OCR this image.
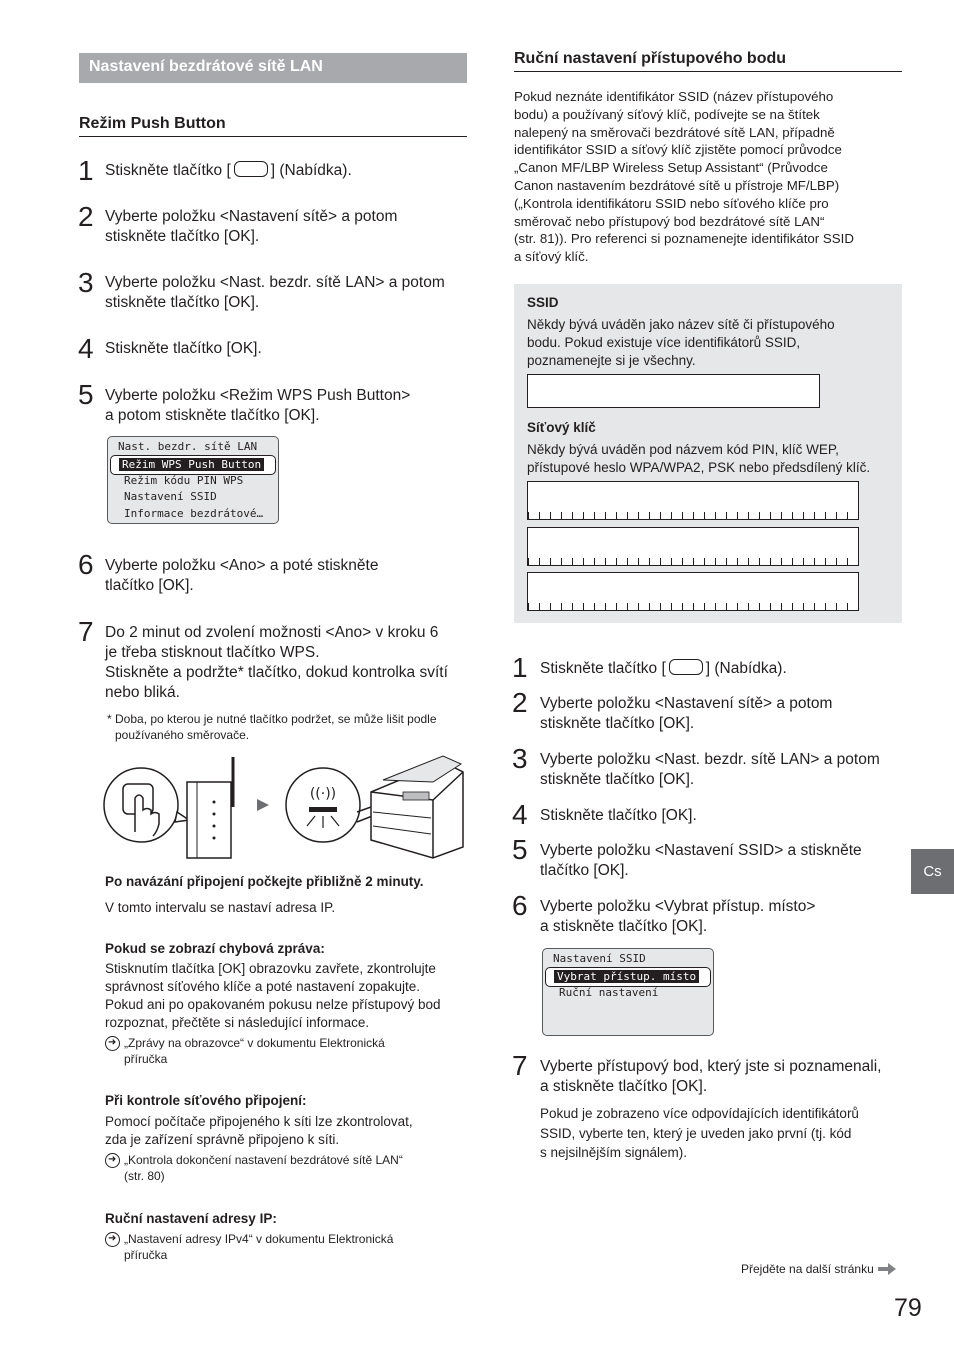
Nastavení bezdrátové sítě LAN
Režim Push Button
1 Stiskněte tlačítko [	] (Nabídka).
2 Vyberte položku <Nastavení sítě> a potom
stiskněte tlačítko [OK].
3 Vyberte položku <Nast. bezdr. sítě LAN> a potom
stiskněte tlačítko [OK].
4 Stiskněte tlačítko [OK].
5 Vyberte položku <Režim WPS Push Button>
a potom stiskněte tlačítko [OK].
Nast. bezdr. sítě LAN
Režim WPS Push Button
Režim kódu PIN WPS
Nastavení SSID
Informace bezdrátové…
6 Vyberte položku <Ano> a poté stiskněte
tlačítko [OK].
7 Do 2 minut od zvolení možnosti <Ano> v kroku 6
je třeba stisknout tlačítko WPS.
Stiskněte a podržte* tlačítko, dokud kontrolka svítí
nebo bliká.
* Doba, po kterou je nutné tlačítko podržet, se může lišit podle
používaného směrovače.
((·))
Po navázání připojení počkejte přibližně 2 minuty.
V tomto intervalu se nastaví adresa IP.
Pokud se zobrazí chybová zpráva:
Stisknutím tlačítka [OK] obrazovku zavřete, zkontrolujte
správnost síťového klíče a poté nastavení zopakujte.
Pokud ani po opakovaném pokusu nelze přístupový bod
rozpoznat, přečtěte si následující informace.
➜
„Zprávy na obrazovce“ v dokumentu Elektronická
příručka
Při kontrole síťového připojení:
Pomocí počítače připojeného k síti lze zkontrolovat,
zda je zařízení správně připojeno k síti.
➜
„Kontrola dokončení nastavení bezdrátové sítě LAN“
(str. 80)
Ruční nastavení adresy IP:
➜
„Nastavení adresy IPv4“ v dokumentu Elektronická
příručka
Ruční nastavení přístupového bodu
Pokud neznáte identifikátor SSID (název přístupového
bodu) a používaný síťový klíč, podívejte se na štítek
nalepený na směrovači bezdrátové sítě LAN, případně
identifikátor SSID a síťový klíč zjistěte pomocí průvodce
„Canon MF/LBP Wireless Setup Assistant“ (Průvodce
Canon nastavením bezdrátové sítě u přístroje MF/LBP)
(„Kontrola identifikátoru SSID nebo síťového klíče pro
směrovač nebo přístupový bod bezdrátové sítě LAN“
(str. 81)). Pro referenci si poznamenejte identifikátor SSID
a síťový klíč.
SSID
Někdy bývá uváděn jako název sítě či přístupového
bodu. Pokud existuje více identifikátorů SSID,
poznamenejte si je všechny.
Síťový klíč
Někdy bývá uváděn pod názvem kód PIN, klíč WEP,
přístupové heslo WPA/WPA2, PSK nebo předsdílený klíč.
1 Stiskněte tlačítko [	] (Nabídka).
2 Vyberte položku <Nastavení sítě> a potom
stiskněte tlačítko [OK].
3 Vyberte položku <Nast. bezdr. sítě LAN> a potom
stiskněte tlačítko [OK].
4 Stiskněte tlačítko [OK].
5 Vyberte položku <Nastavení SSID> a stiskněte
tlačítko [OK].
6 Vyberte položku <Vybrat přístup. místo>
a stiskněte tlačítko [OK].
Nastavení SSID
Vybrat přístup. místo
Ruční nastavení
7 Vyberte přístupový bod, který jste si poznamenali,
a stiskněte tlačítko [OK].
Pokud je zobrazeno více odpovídajících identifikátorů
SSID, vyberte ten, který je uveden jako první (tj. kód
s nejsilnějším signálem).
Cs
Přejděte na další stránku
79
